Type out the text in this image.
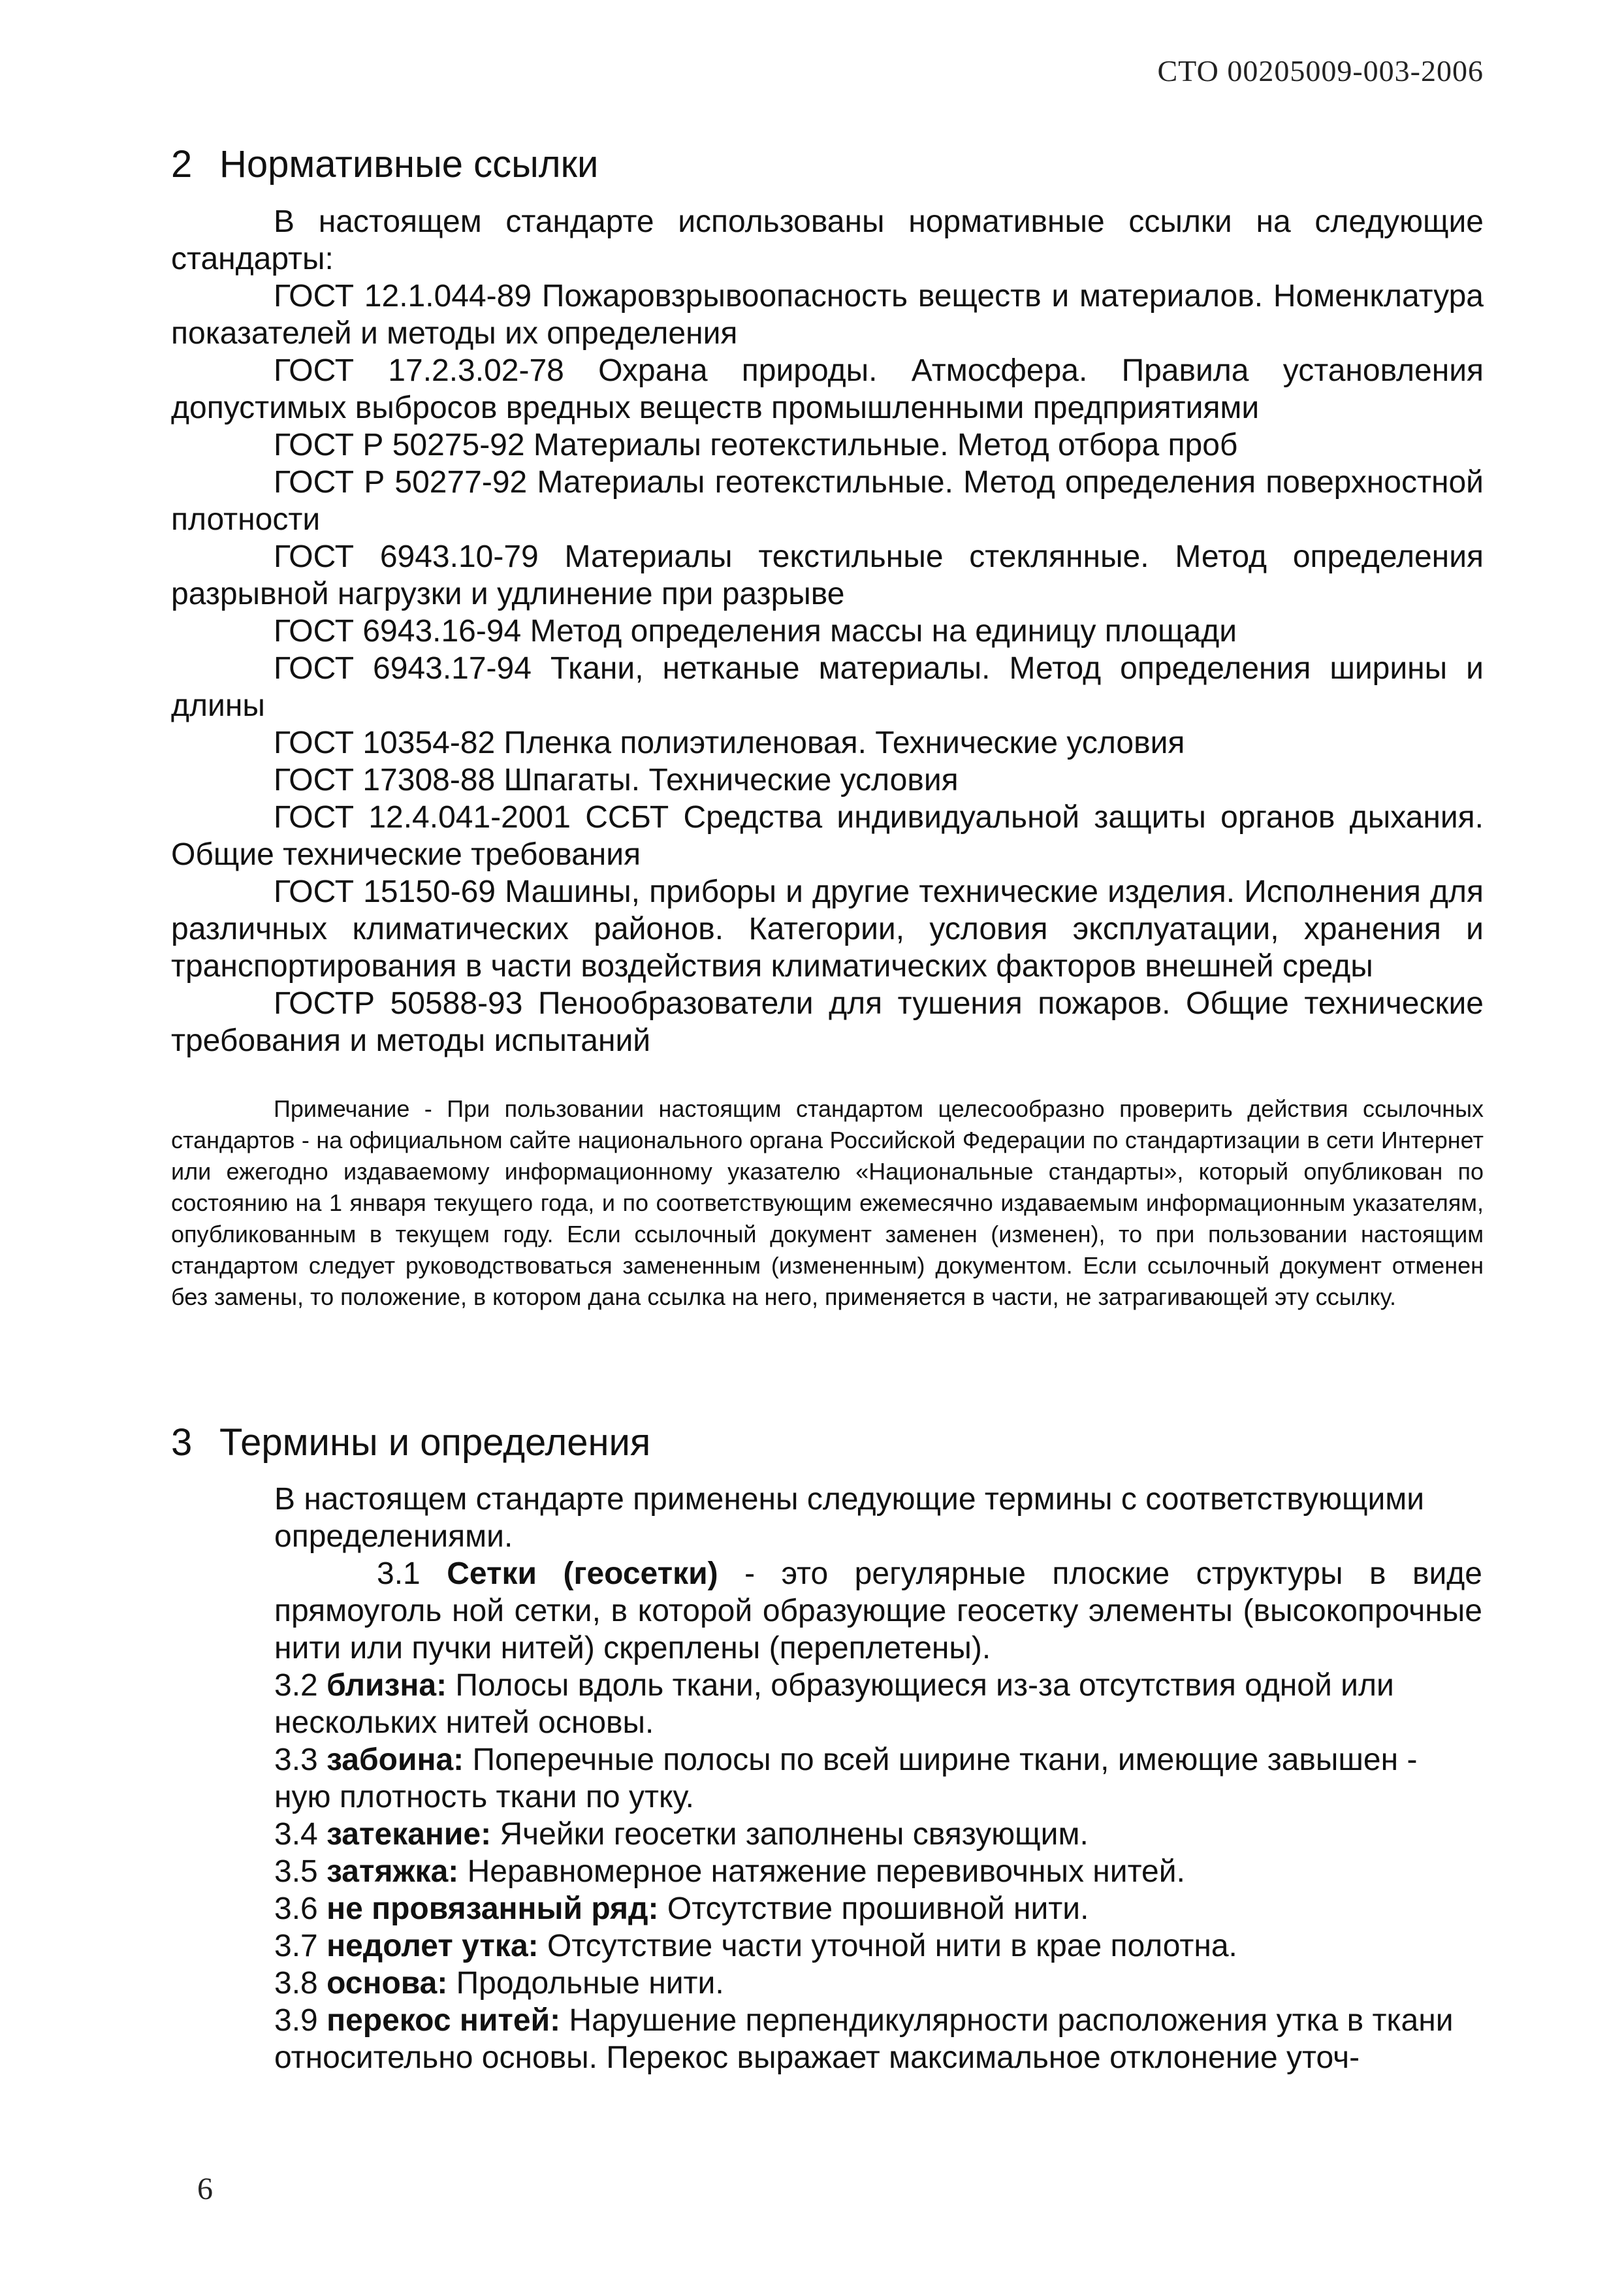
СТО 00205009-003-2006
2 Нормативные ссылки

В настоящем стандарте использованы нормативные ссылки на следующие стандарты:

ГОСТ 12.1.044-89 Пожаровзрывоопасность веществ и материалов. Номенклатура показателей и методы их определения

ГОСТ 17.2.3.02-78 Охрана природы. Атмосфера. Правила установления допустимых выбросов вредных веществ промышленными предприятиями

ГОСТ Р 50275-92 Материалы геотекстильные. Метод отбора проб

ГОСТ Р 50277-92 Материалы геотекстильные. Метод определения поверхностной плотности

ГОСТ 6943.10-79 Материалы текстильные стеклянные. Метод определения разрывной нагрузки и удлинение при разрыве

ГОСТ 6943.16-94 Метод определения массы на единицу площади

ГОСТ 6943.17-94 Ткани, нетканые материалы. Метод определения ширины и длины

ГОСТ 10354-82 Пленка полиэтиленовая. Технические условия

ГОСТ 17308-88 Шпагаты. Технические условия

ГОСТ 12.4.041-2001 ССБТ Средства индивидуальной защиты органов дыхания. Общие технические требования

ГОСТ 15150-69 Машины, приборы и другие технические изделия. Исполнения для различных климатических районов. Категории, условия эксплуатации, хранения и транспортирования в части воздействия климатических факторов внешней среды

ГОСТР 50588-93 Пенообразователи для тушения пожаров. Общие технические требования и методы испытаний

Примечание - При пользовании настоящим стандартом целесообразно проверить действия ссылочных стандартов - на официальном сайте национального органа Российской Федерации по стандартизации в сети Интернет или ежегодно издаваемому информационному указателю «Национальные стандарты», который опубликован по состоянию на 1 января текущего года, и по соответствующим ежемесячно издаваемым информационным указателям, опубликованным в текущем году. Если ссылочный документ заменен (изменен), то при пользовании настоящим стандартом следует руководствоваться замененным (измененным) документом. Если ссылочный документ отменен без замены, то положение, в котором дана ссылка на него, применяется в части, не затрагивающей эту ссылку.

3 Термины и определения

В настоящем стандарте применены следующие термины с соответствующими определениями.

3.1 Сетки (геосетки) - это регулярные плоские структуры в виде прямоуголь ной сетки, в которой образующие геосетку элементы (высокопрочные нити или пучки нитей) скреплены (переплетены).

3.2 близна: Полосы вдоль ткани, образующиеся из-за отсутствия одной или нескольких нитей основы.

3.3 забоина: Поперечные полосы по всей ширине ткани, имеющие завышен - ную плотность ткани по утку.

3.4 затекание: Ячейки геосетки заполнены связующим.

3.5 затяжка: Неравномерное натяжение перевивочных нитей.

3.6 не провязанный ряд: Отсутствие прошивной нити.

3.7 недолет утка: Отсутствие части уточной нити в крае полотна.

3.8 основа: Продольные нити.

3.9 перекос нитей: Нарушение перпендикулярности расположения утка в ткани относительно основы. Перекос выражает максимальное отклонение уточ-

6
